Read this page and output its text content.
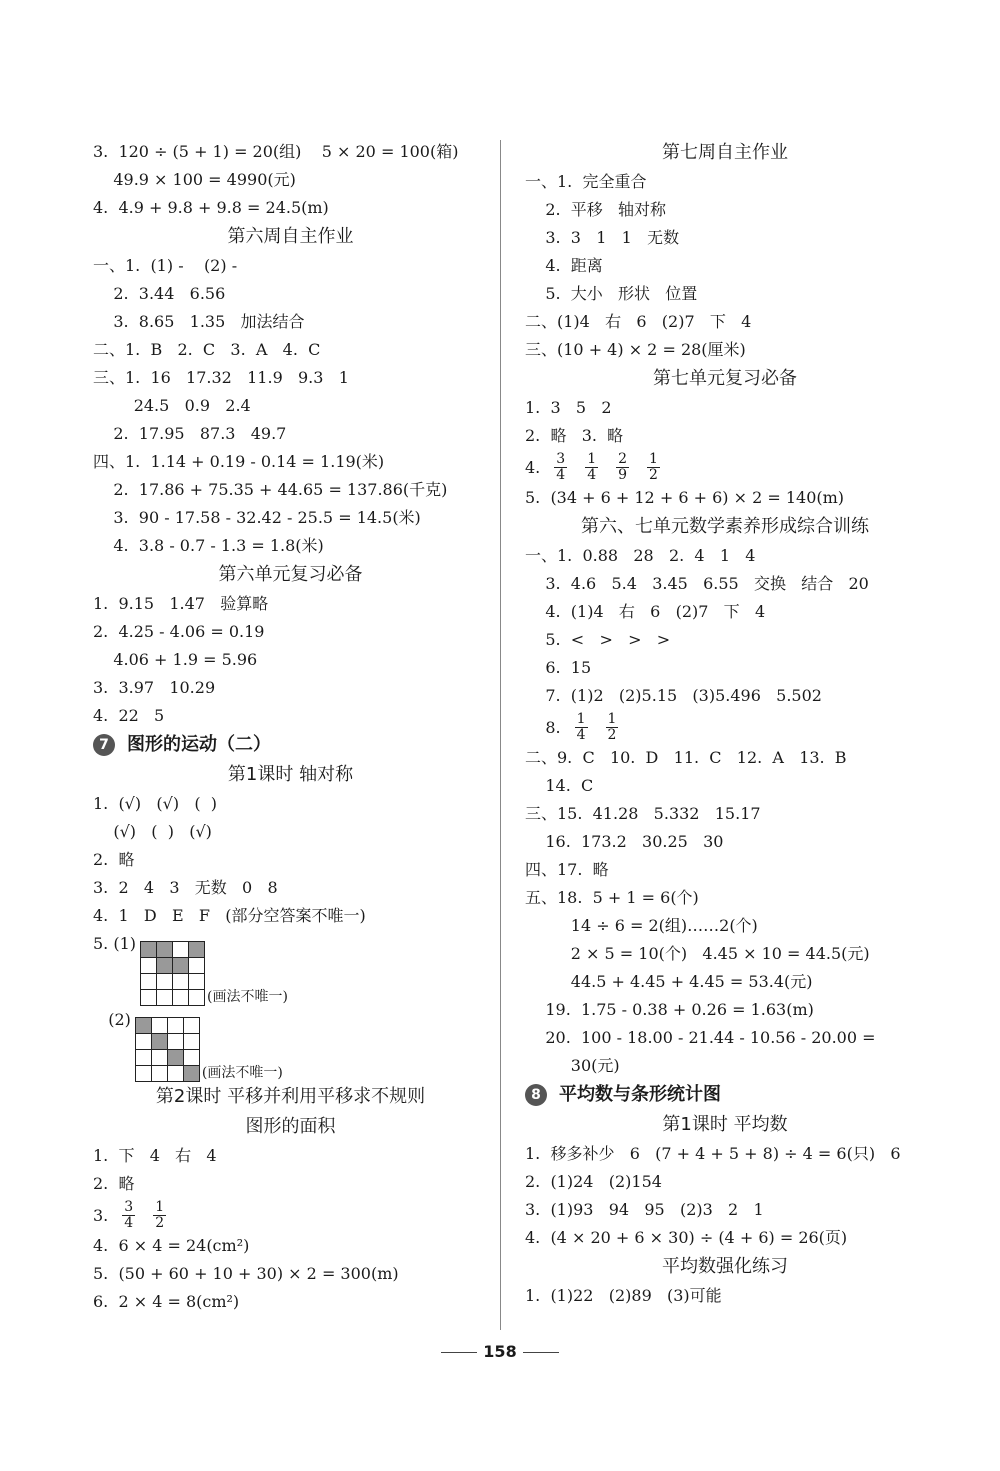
3.  120 ÷ (5 + 1) = 20(组)    5 × 20 = 100(箱)
49.9 × 100 = 4990(元)
4.  4.9 + 9.8 + 9.8 = 24.5(m)
第六周自主作业
一、1.  (1) -    (2) -
2.  3.44   6.56
3.  8.65   1.35   加法结合
二、1.  B   2.  C   3.  A   4.  C
三、1.  16   17.32   11.9   9.3   1
24.5   0.9   2.4
2.  17.95   87.3   49.7
四、1.  1.14 + 0.19 - 0.14 = 1.19(米)
2.  17.86 + 75.35 + 44.65 = 137.86(千克)
3.  90 - 17.58 - 32.42 - 25.5 = 14.5(米)
4.  3.8 - 0.7 - 1.3 = 1.8(米)
第六单元复习必备
1.  9.15   1.47   验算略
2.  4.25 - 4.06 = 0.19
4.06 + 1.9 = 5.96
3.  3.97   10.29
4.  22   5
7	图形的运动（二）
第1课时 轴对称
1.  (√)   (√)   (  )
(√)   (  )   (√)
2.  略
3.  2   4   3   无数   0   8
4.  1   D   E   F   (部分空答案不唯一)
5. (1)
(画法不唯一)
(2)
(画法不唯一)
第2课时 平移并利用平移求不规则
图形的面积
1.  下   4   右   4
2.  略
3. $\frac{3}{4} \frac{1}{2}$
4.  6 × 4 = 24(cm²)
5.  (50 + 60 + 10 + 30) × 2 = 300(m)
6.  2 × 4 = 8(cm²)
第七周自主作业
一、1.  完全重合
2.  平移   轴对称
3.  3   1   1   无数
4.  距离
5.  大小   形状   位置
二、(1)4   右   6   (2)7   下   4
三、(10 + 4) × 2 = 28(厘米)
第七单元复习必备
1.  3   5   2
2.  略   3.  略
4. $\frac{3}{4} \frac{1}{4} \frac{2}{9} \frac{1}{2}$
5.  (34 + 6 + 12 + 6 + 6) × 2 = 140(m)
第六、七单元数学素养形成综合训练
一、1.  0.88   28   2.  4   1   4
3.  4.6   5.4   3.45   6.55   交换   结合   20
4.  (1)4   右   6   (2)7   下   4
5.  <   >   >   >
6.  15
7.  (1)2   (2)5.15   (3)5.496   5.502
8. $\frac{1}{4} \frac{1}{2}$
二、9.  C   10.  D   11.  C   12.  A   13.  B
14.  C
三、15.  41.28   5.332   15.17
16.  173.2   30.25   30
四、17.  略
五、18.  5 + 1 = 6(个)
14 ÷ 6 = 2(组)……2(个)
2 × 5 = 10(个)   4.45 × 10 = 44.5(元)
44.5 + 4.45 + 4.45 = 53.4(元)
19.  1.75 - 0.38 + 0.26 = 1.63(m)
20.  100 - 18.00 - 21.44 - 10.56 - 20.00 =
30(元)
8	平均数与条形统计图
第1课时 平均数
1.  移多补少   6   (7 + 4 + 5 + 8) ÷ 4 = 6(只)   6
2.  (1)24   (2)154
3.  (1)93   94   95   (2)3   2   1
4.  (4 × 20 + 6 × 30) ÷ (4 + 6) = 26(页)
平均数强化练习
1.  (1)22   (2)89   (3)可能
158
